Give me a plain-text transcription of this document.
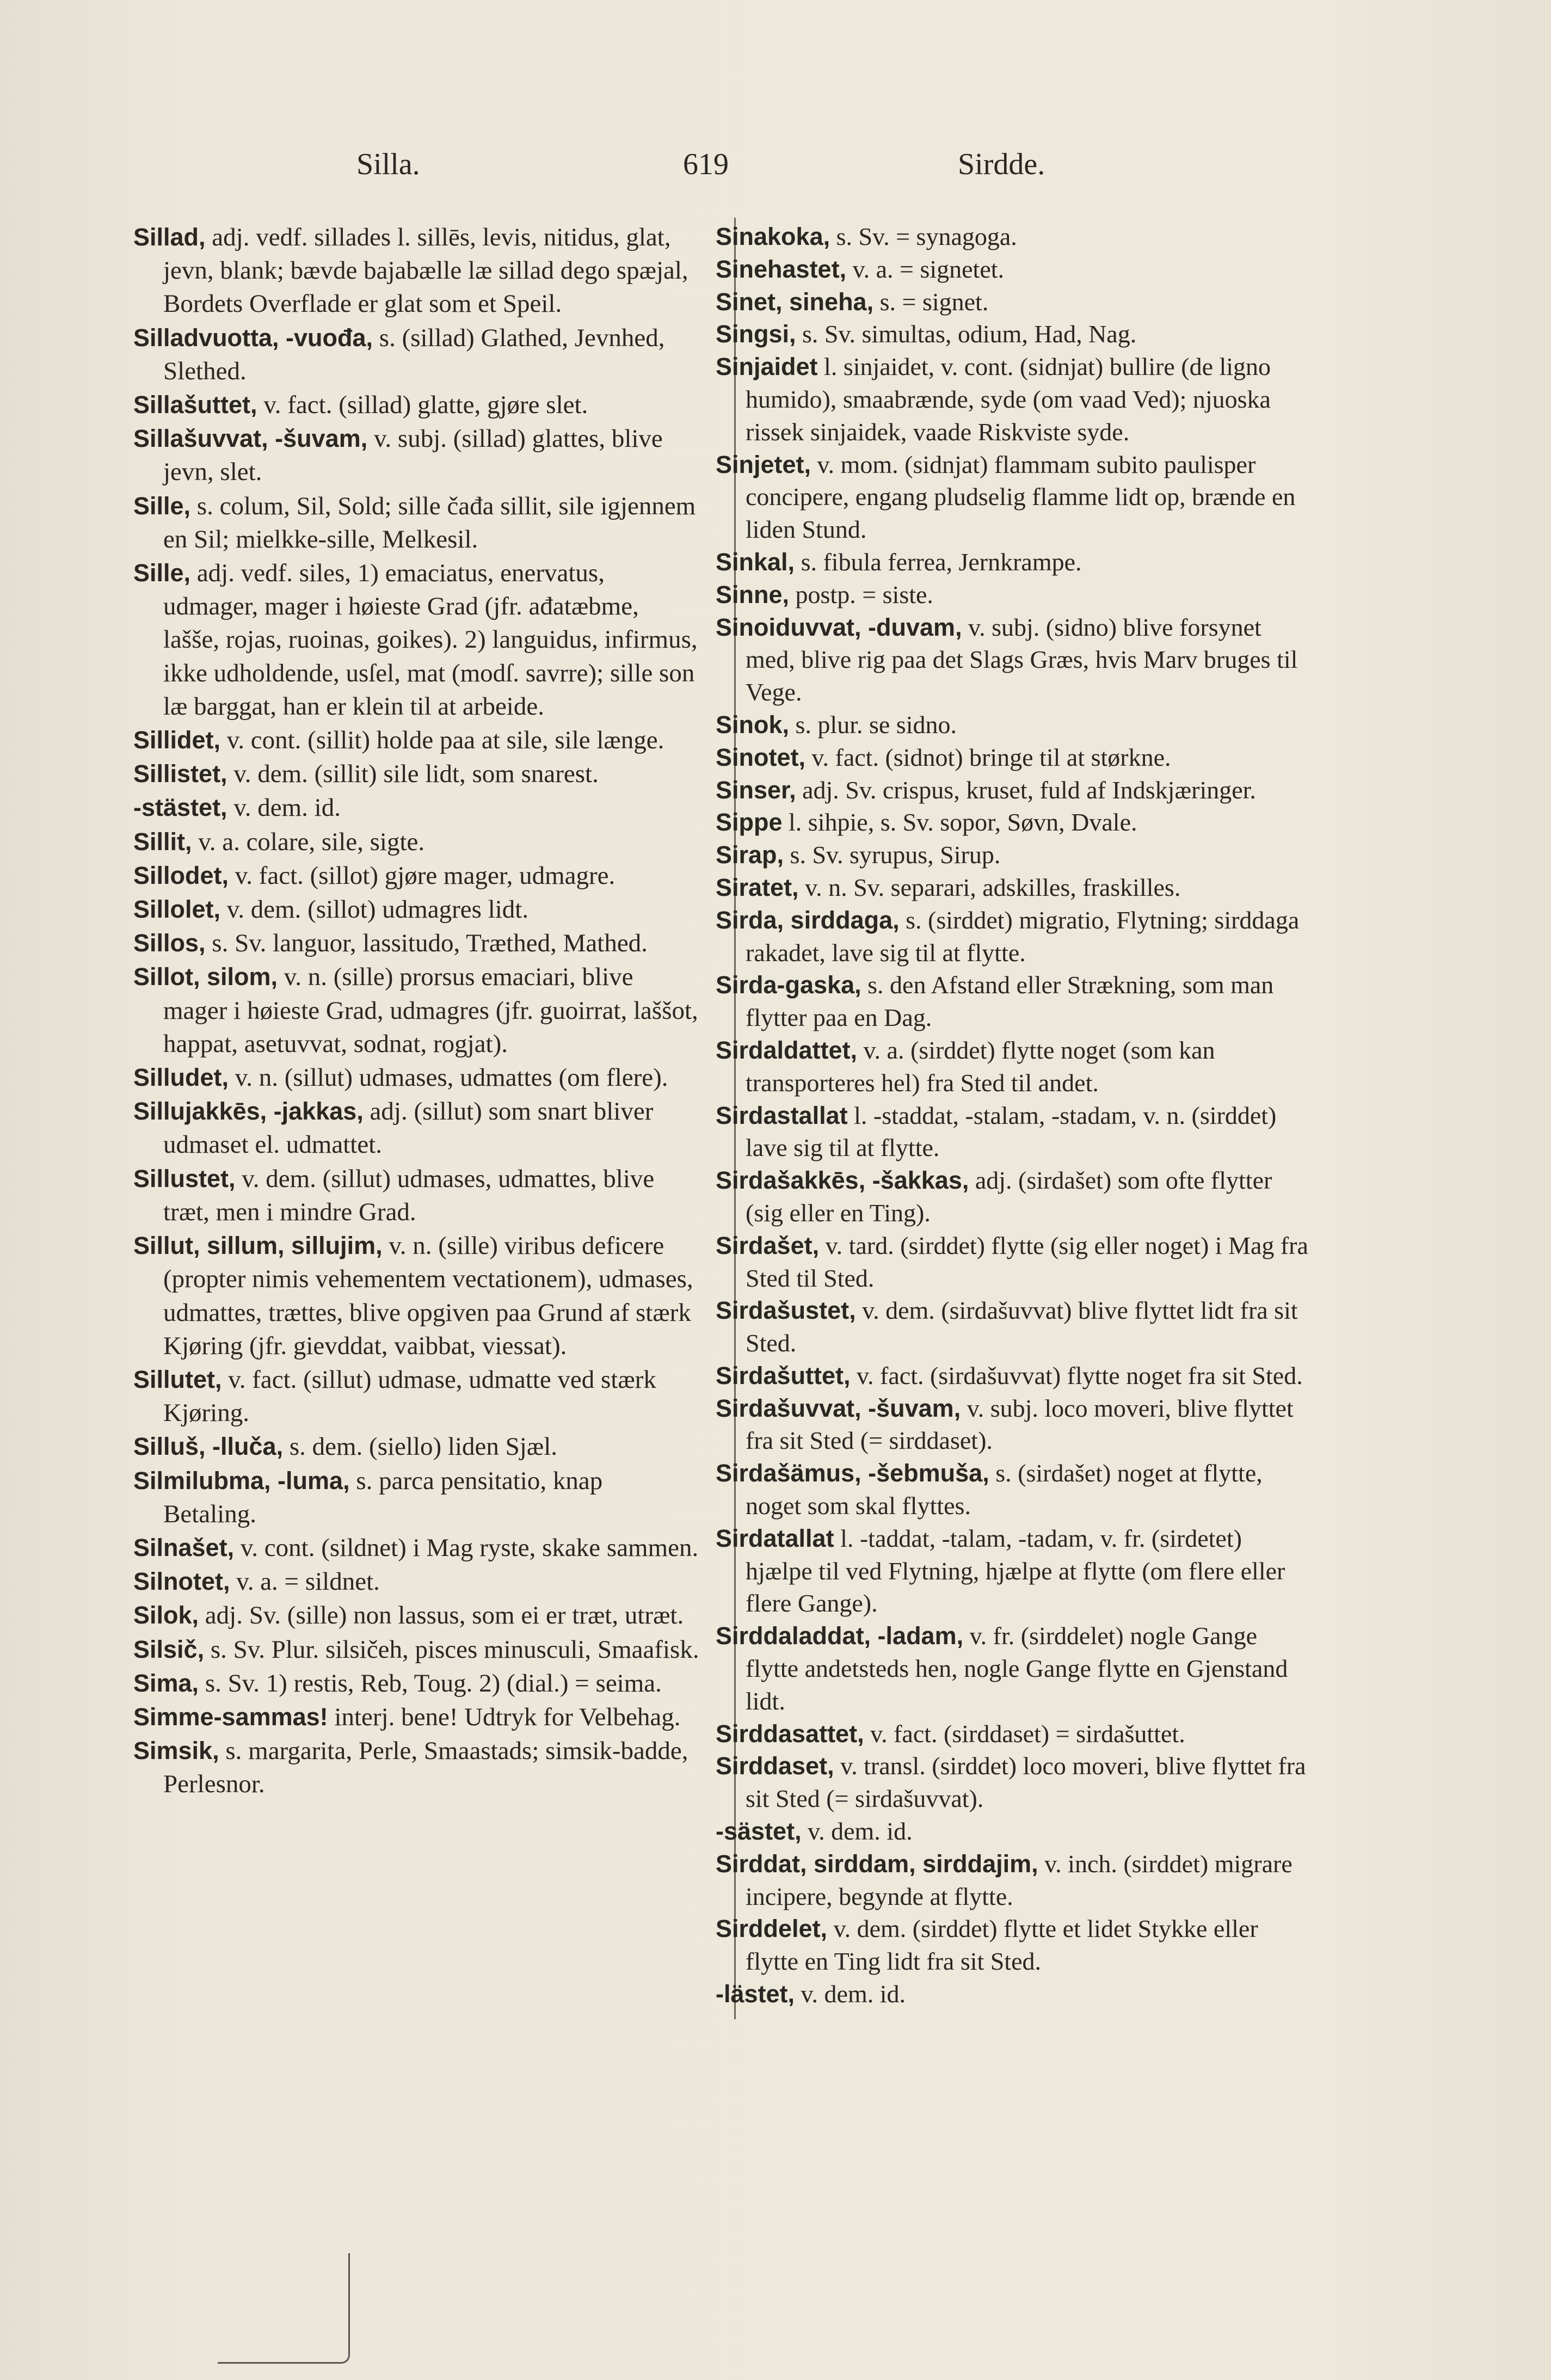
Silla.	619	Sirdde.
Sillad, adj. vedf. sillades l. sillēs, levis, nitidus, glat, jevn, blank; bævde bajabælle læ sillad dego spæjal, Bordets Overflade er glat som et Speil.
Silladvuotta, -vuođa, s. (sillad) Glathed, Jevnhed, Slethed.
Sillašuttet, v. fact. (sillad) glatte, gjøre slet.
Sillašuvvat, -šuvam, v. subj. (sillad) glattes, blive jevn, slet.
Sille, s. colum, Sil, Sold; sille čađa sillit, sile igjennem en Sil; mielkke-sille, Melkesil.
Sille, adj. vedf. siles, 1) emaciatus, enervatus, udmager, mager i høieste Grad (jfr. ađatæbme, lašše, rojas, ruoinas, goikes). 2) languidus, infirmus, ikke udholdende, usſel, mat (modſ. savrre); sille son læ barggat, han er klein til at arbeide.
Sillidet, v. cont. (sillit) holde paa at sile, sile længe.
Sillistet, v. dem. (sillit) sile lidt, som snarest.
-stästet, v. dem. id.
Sillit, v. a. colare, sile, sigte.
Sillodet, v. fact. (sillot) gjøre mager, udmagre.
Sillolet, v. dem. (sillot) udmagres lidt.
Sillos, s. Sv. languor, lassitudo, Træthed, Mathed.
Sillot, silom, v. n. (sille) prorsus emaciari, blive mager i høieste Grad, udmagres (jfr. guoirrat, laššot, happat, asetuvvat, sodnat, rogjat).
Silludet, v. n. (sillut) udmases, udmattes (om flere).
Sillujakkēs, -jakkas, adj. (sillut) som snart bliver udmaset el. udmattet.
Sillustet, v. dem. (sillut) udmases, udmattes, blive træt, men i mindre Grad.
Sillut, sillum, sillujim, v. n. (sille) viribus deficere (propter nimis vehementem vectationem), udmases, udmattes, trættes, blive opgiven paa Grund af stærk Kjøring (jfr. gievddat, vaibbat, viessat).
Sillutet, v. fact. (sillut) udmase, udmatte ved stærk Kjøring.
Silluš, -lluča, s. dem. (siello) liden Sjæl.
Silmilubma, -luma, s. parca pensitatio, knap Betaling.
Silnašet, v. cont. (sildnet) i Mag ryste, skake sammen.
Silnotet, v. a. = sildnet.
Silok, adj. Sv. (sille) non lassus, som ei er træt, utræt.
Silsič, s. Sv. Plur. silsičeh, pisces minusculi, Smaafisk.
Sima, s. Sv. 1) restis, Reb, Toug. 2) (dial.) = seima.
Simme-sammas! interj. bene! Udtryk for Velbehag.
Simsik, s. margarita, Perle, Smaastads; simsik-badde, Perlesnor.
Sinakoka, s. Sv. = synagoga.
Sinehastet, v. a. = signetet.
Sinet, sineha, s. = signet.
Singsi, s. Sv. simultas, odium, Had, Nag.
Sinjaidet l. sinjaidet, v. cont. (sidnjat) bullire (de ligno humido), smaabrænde, syde (om vaad Ved); njuoska rissek sinjaidek, vaade Riskviste syde.
Sinjetet, v. mom. (sidnjat) flammam subito paulisper concipere, engang pludselig flamme lidt op, brænde en liden Stund.
Sinkal, s. fibula ferrea, Jernkrampe.
Sinne, postp. = siste.
Sinoiduvvat, -duvam, v. subj. (sidno) blive forsynet med, blive rig paa det Slags Græs, hvis Marv bruges til Vege.
Sinok, s. plur. se sidno.
Sinotet, v. fact. (sidnot) bringe til at størkne.
Sinser, adj. Sv. crispus, kruset, fuld af Indskjæringer.
Sippe l. sihpie, s. Sv. sopor, Søvn, Dvale.
Sirap, s. Sv. syrupus, Sirup.
Siratet, v. n. Sv. separari, adskilles, fraskilles.
Sirda, sirddaga, s. (sirddet) migratio, Flytning; sirddaga rakadet, lave sig til at flytte.
Sirda-gaska, s. den Afstand eller Strækning, som man flytter paa en Dag.
Sirdaldattet, v. a. (sirddet) flytte noget (som kan transporteres hel) fra Sted til andet.
Sirdastallat l. -staddat, -stalam, -stadam, v. n. (sirddet) lave sig til at flytte.
Sirdašakkēs, -šakkas, adj. (sirdašet) som ofte flytter (sig eller en Ting).
Sirdašet, v. tard. (sirddet) flytte (sig eller noget) i Mag fra Sted til Sted.
Sirdašustet, v. dem. (sirdašuvvat) blive flyttet lidt fra sit Sted.
Sirdašuttet, v. fact. (sirdašuvvat) flytte noget fra sit Sted.
Sirdašuvvat, -šuvam, v. subj. loco moveri, blive flyttet fra sit Sted (= sirddaset).
Sirdašämus, -šebmuša, s. (sirdašet) noget at flytte, noget som skal flyttes.
Sirdatallat l. -taddat, -talam, -tadam, v. fr. (sirdetet) hjælpe til ved Flytning, hjælpe at flytte (om flere eller flere Gange).
Sirddaladdat, -ladam, v. fr. (sirddelet) nogle Gange flytte andetsteds hen, nogle Gange flytte en Gjenstand lidt.
Sirddasattet, v. fact. (sirddaset) = sirdašuttet.
Sirddaset, v. transl. (sirddet) loco moveri, blive flyttet fra sit Sted (= sirdašuvvat).
-sästet, v. dem. id.
Sirddat, sirddam, sirddajim, v. inch. (sirddet) migrare incipere, begynde at flytte.
Sirddelet, v. dem. (sirddet) flytte et lidet Stykke eller flytte en Ting lidt fra sit Sted.
-lästet, v. dem. id.
